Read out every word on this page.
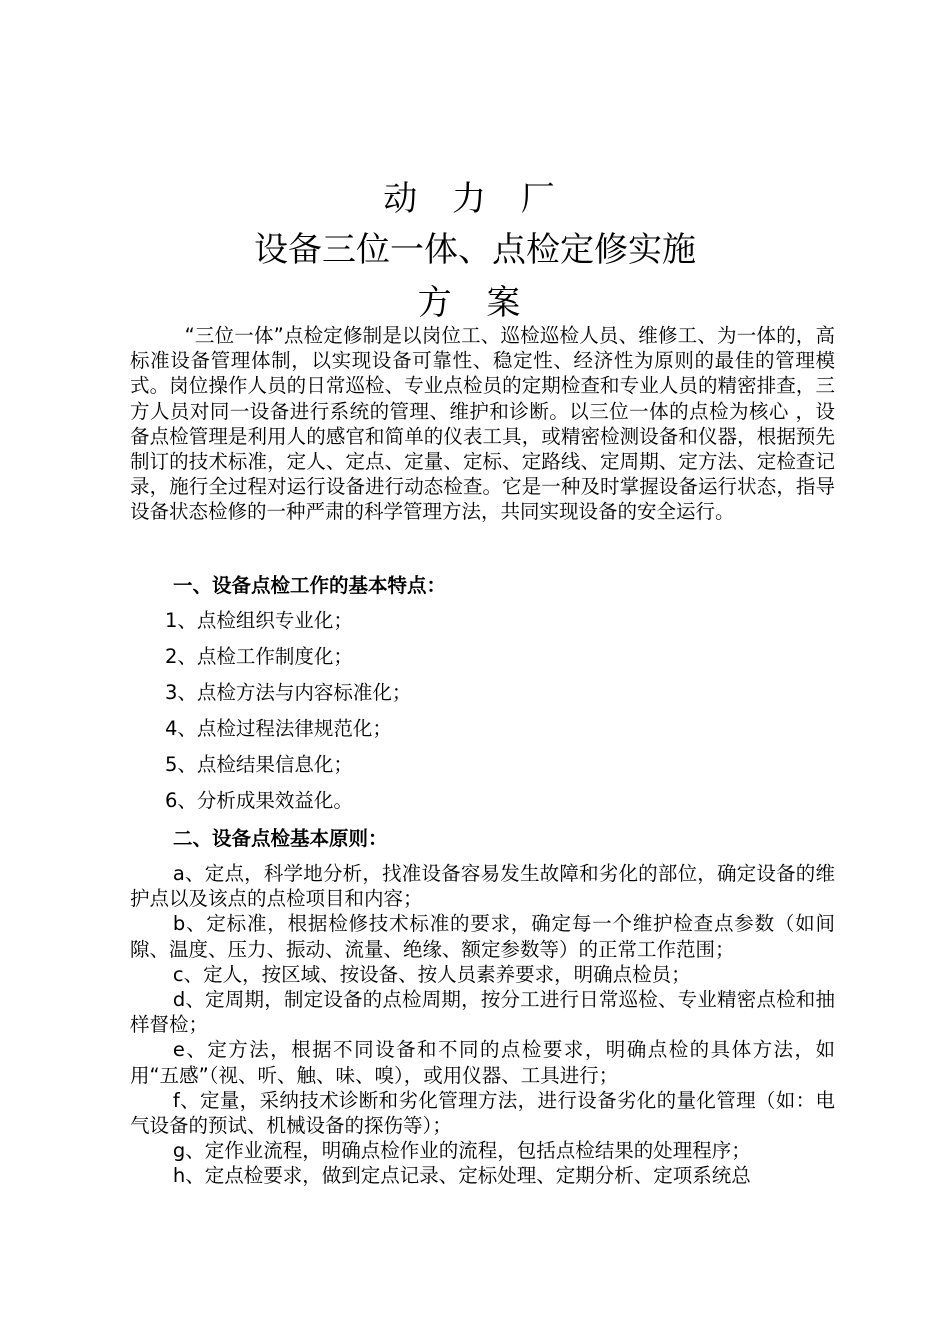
动 力 厂
设备三位一体、点检定修实施
方 案

“三位一体”点检定修制是以岗位工、巡检巡检人员、维修工、为一体的，高标准设备管理体制，以实现设备可靠性、稳定性、经济性为原则的最佳的管理模式。岗位操作人员的日常巡检、专业点检员的定期检查和专业人员的精密排查，三方人员对同一设备进行系统的管理、维护和诊断。以三位一体的点检为核心 ，设备点检管理是利用人的感官和简单的仪表工具，或精密检测设备和仪器，根据预先制订的技术标准，定人、定点、定量、定标、定路线、定周期、定方法、定检查记录，施行全过程对运行设备进行动态检查。它是一种及时掌握设备运行状态，指导设备状态检修的一种严肃的科学管理方法，共同实现设备的安全运行。

一、设备点检工作的基本特点：
1、点检组织专业化；
2、点检工作制度化；
3、点检方法与内容标准化；
4、点检过程法律规范化；
5、点检结果信息化；
6、分析成果效益化。
二、设备点检基本原则：

a、定点，科学地分析，找准设备容易发生故障和劣化的部位，确定设备的维护点以及该点的点检项目和内容；

b、定标准，根据检修技术标准的要求，确定每一个维护检查点参数（如间隙、温度、压力、振动、流量、绝缘、额定参数等）的正常工作范围；

c、定人，按区域、按设备、按人员素养要求，明确点检员；

d、定周期，制定设备的点检周期，按分工进行日常巡检、专业精密点检和抽样督检；

e、定方法，根据不同设备和不同的点检要求，明确点检的具体方法，如用“五感”（视、听、触、味、嗅），或用仪器、工具进行；

f、定量，采纳技术诊断和劣化管理方法，进行设备劣化的量化管理（如：电气设备的预试、机械设备的探伤等）；

g、定作业流程，明确点检作业的流程，包括点检结果的处理程序；

h、定点检要求，做到定点记录、定标处理、定期分析、定项系统总
